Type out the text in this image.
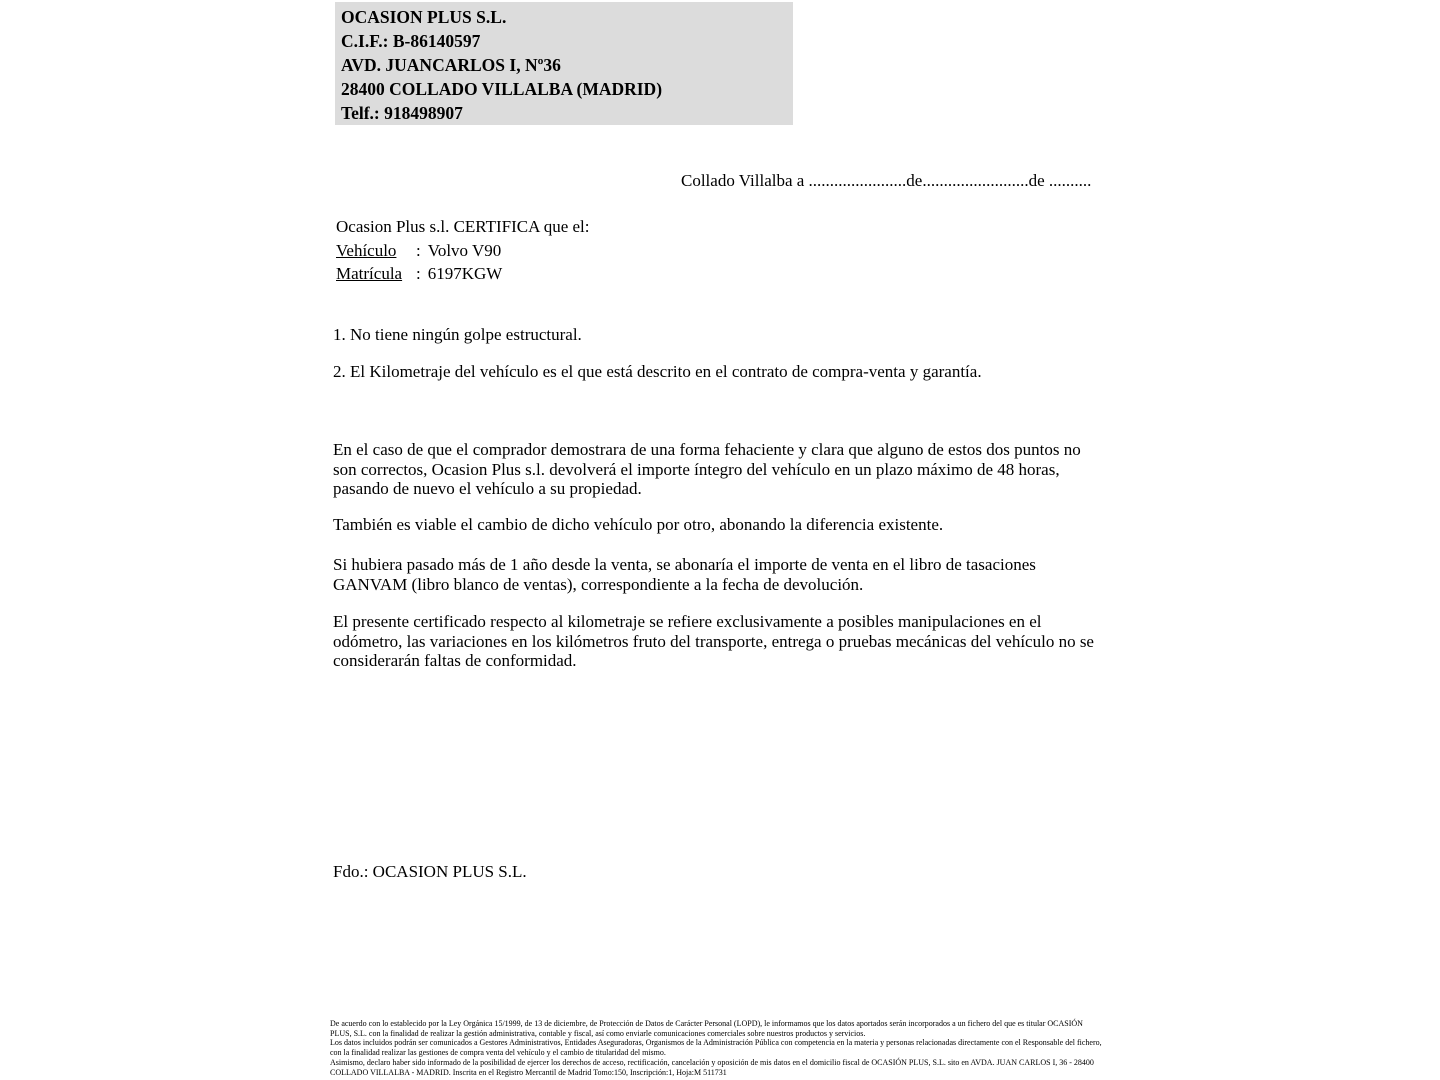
OCASION PLUS S.L.
C.I.F.: B-86140597
AVD. JUANCARLOS I, Nº36
28400 COLLADO VILLALBA (MADRID)
Telf.: 918498907
Collado Villalba a .......................de.........................de ..........
Ocasion Plus s.l. CERTIFICA que el:
Vehículo : Volvo V90
Matrícula : 6197KGW
1. No tiene ningún golpe estructural.
2. El Kilometraje del vehículo es el que está descrito en el contrato de compra-venta y garantía.

En el caso de que el comprador demostrara de una forma fehaciente y clara que alguno de estos dos puntos no son correctos, Ocasion Plus s.l. devolverá el importe íntegro del vehículo en un plazo máximo de 48 horas, pasando de nuevo el vehículo a su propiedad.

También es viable el cambio de dicho vehículo por otro, abonando la diferencia existente.

Si hubiera pasado más de 1 año desde la venta, se abonaría el importe de venta en el libro de tasaciones GANVAM (libro blanco de ventas), correspondiente a la fecha de devolución.

El presente certificado respecto al kilometraje se refiere exclusivamente a posibles manipulaciones en el odómetro, las variaciones en los kilómetros fruto del transporte, entrega o pruebas mecánicas del vehículo no se considerarán faltas de conformidad.

Fdo.: OCASION PLUS S.L.

De acuerdo con lo establecido por la Ley Orgánica 15/1999, de 13 de diciembre, de Protección de Datos de Carácter Personal (LOPD), le informamos que los datos aportados serán incorporados a un fichero del que es titular OCASIÓN PLUS, S.L. con la finalidad de realizar la gestión administrativa, contable y fiscal, así como enviarle comunicaciones comerciales sobre nuestros productos y servicios.

Los datos incluidos podrán ser comunicados a Gestores Administrativos, Entidades Aseguradoras, Organismos de la Administración Pública con competencia en la materia y personas relacionadas directamente con el Responsable del fichero, con la finalidad realizar las gestiones de compra venta del vehículo y el cambio de titularidad del mismo.

Asimismo, declaro haber sido informado de la posibilidad de ejercer los derechos de acceso, rectificación, cancelación y oposición de mis datos en el domicilio fiscal de OCASIÓN PLUS, S.L. sito en AVDA. JUAN CARLOS I, 36 - 28400 COLLADO VILLALBA - MADRID. Inscrita en el Registro Mercantil de Madrid Tomo:150, Inscripción:1, Hoja:M 511731
